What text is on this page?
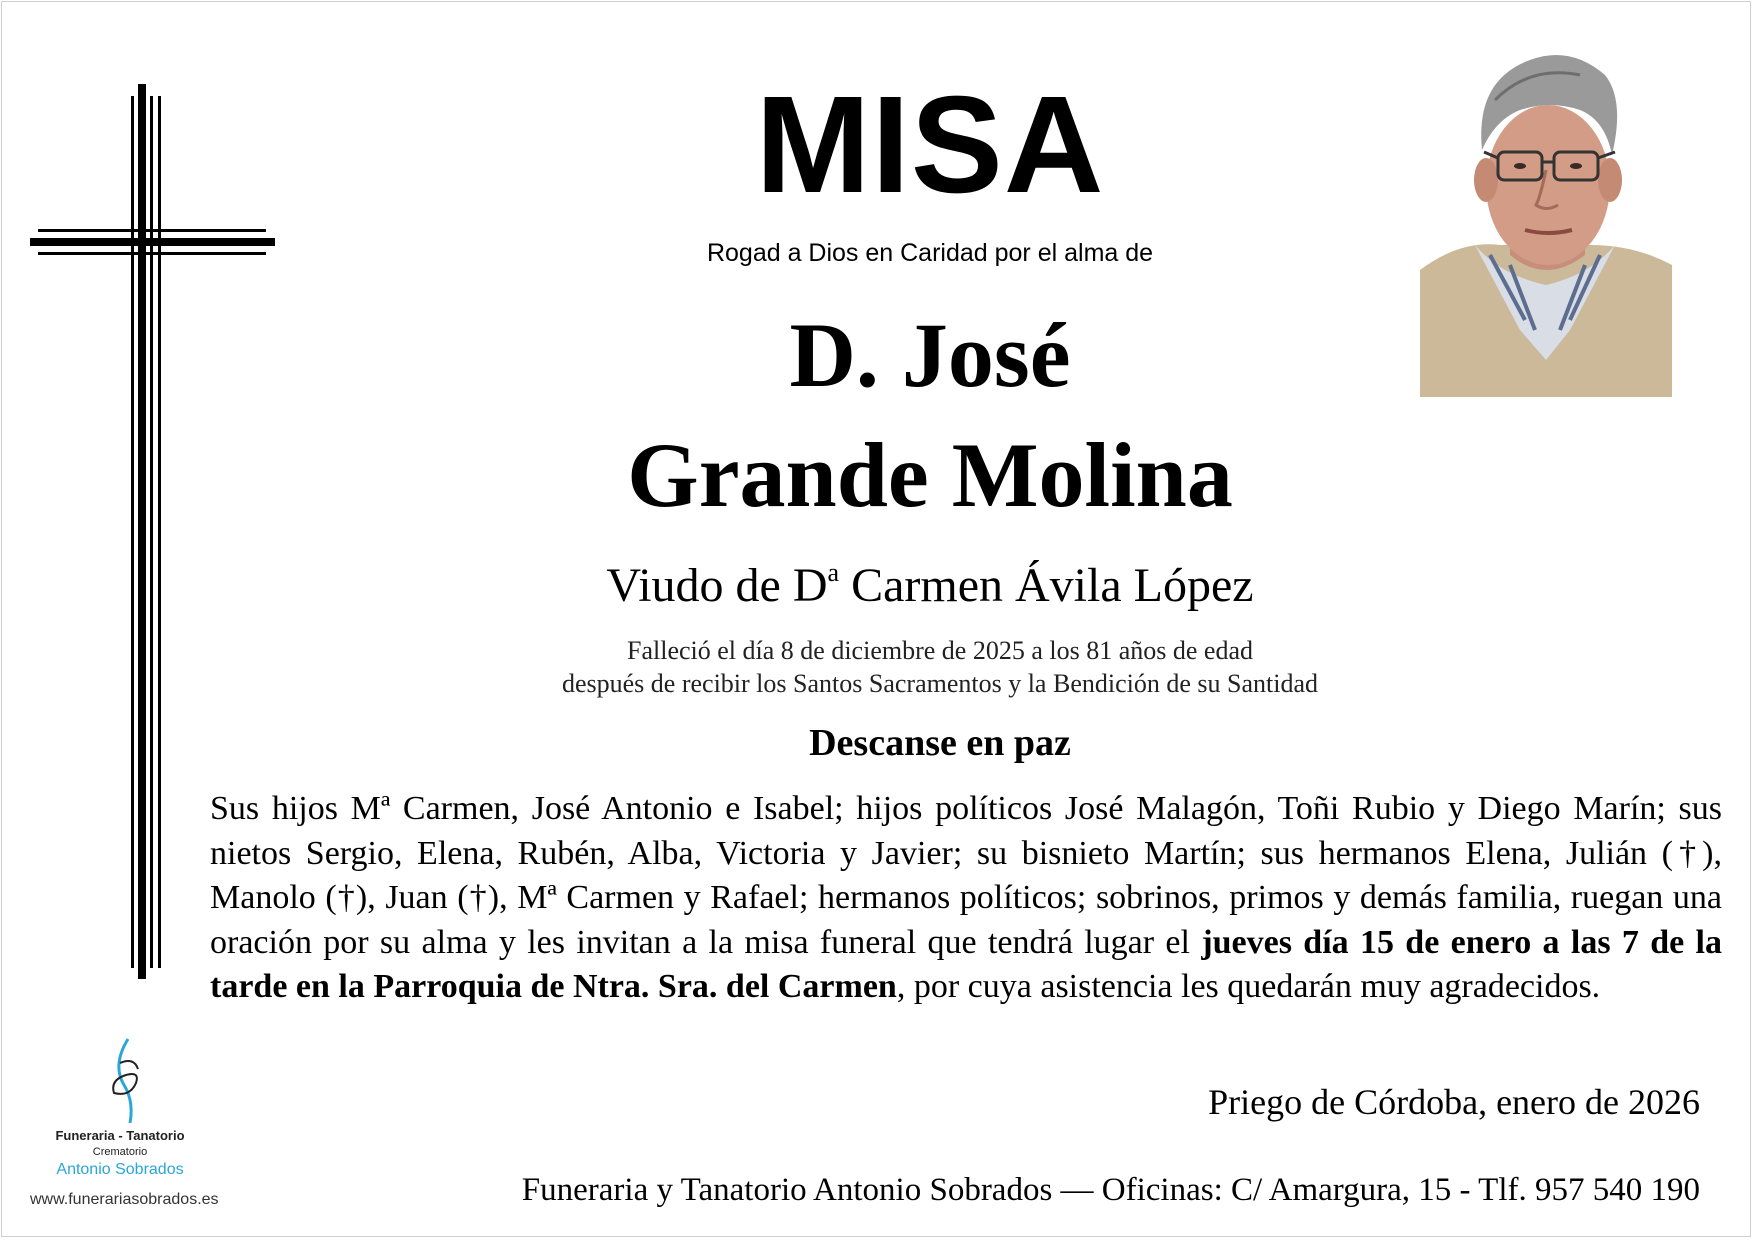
MISA
Rogad a Dios en Caridad por el alma de
D. José
Grande Molina
Viudo de $D^a$ Carmen Ávila López
Falleció el día 8 de diciembre de 2025 a los 81 años de edad
después de recibir los Santos Sacramentos y la Bendición de su Santidad
Descanse en paz
Sus hijos Mª Carmen, José Antonio e Isabel; hijos políticos José Malagón, Toñi Rubio y Diego Marín; sus nietos Sergio, Elena, Rubén, Alba, Victoria y Javier; su bisnieto Martín; sus hermanos Elena, Julián (†), Manolo (†), Juan (†), Mª Carmen y Rafael; hermanos políticos; sobrinos, primos y demás familia, ruegan una oración por su alma y les invitan a la misa funeral que tendrá lugar el jueves día 15 de enero a las 7 de la tarde en la Parroquia de Ntra. Sra. del Carmen, por cuya asistencia les quedarán muy agradecidos.
Priego de Córdoba, enero de 2026
Funeraria y Tanatorio Antonio Sobrados — Oficinas: C/ Amargura, 15 - Tlf. 957 540 190
Funeraria - Tanatorio
Crematorio
Antonio Sobrados
www.funerariasobrados.es
